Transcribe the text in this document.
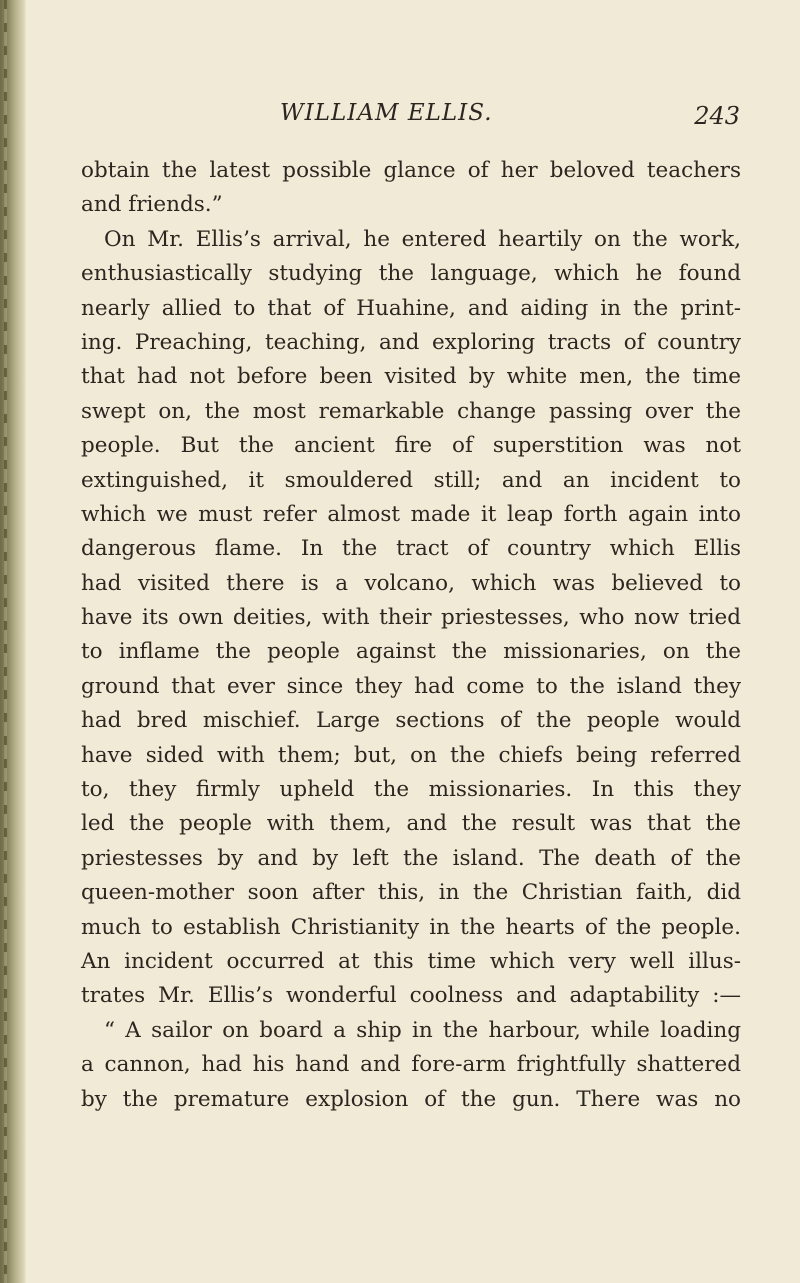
WILLIAM ELLIS.	243
obtain the latest possible glance of her beloved teachers
and friends.”
On Mr. Ellis’s arrival, he entered heartily on the work,
enthusiastically studying the language, which he found
nearly allied to that of Huahine, and aiding in the print-
ing. Preaching, teaching, and exploring tracts of country
that had not before been visited by white men, the time
swept on, the most remarkable change passing over the
people. But the ancient fire of superstition was not
extinguished, it smouldered still; and an incident to
which we must refer almost made it leap forth again into
dangerous flame. In the tract of country which Ellis
had visited there is a volcano, which was believed to
have its own deities, with their priestesses, who now tried
to inflame the people against the missionaries, on the
ground that ever since they had come to the island they
had bred mischief. Large sections of the people would
have sided with them; but, on the chiefs being referred
to, they firmly upheld the missionaries. In this they
led the people with them, and the result was that the
priestesses by and by left the island. The death of the
queen-mother soon after this, in the Christian faith, did
much to establish Christianity in the hearts of the people.
An incident occurred at this time which very well illus-
trates Mr. Ellis’s wonderful coolness and adaptability :—
“ A sailor on board a ship in the harbour, while loading
a cannon, had his hand and fore-arm frightfully shattered
by the premature explosion of the gun. There was no
